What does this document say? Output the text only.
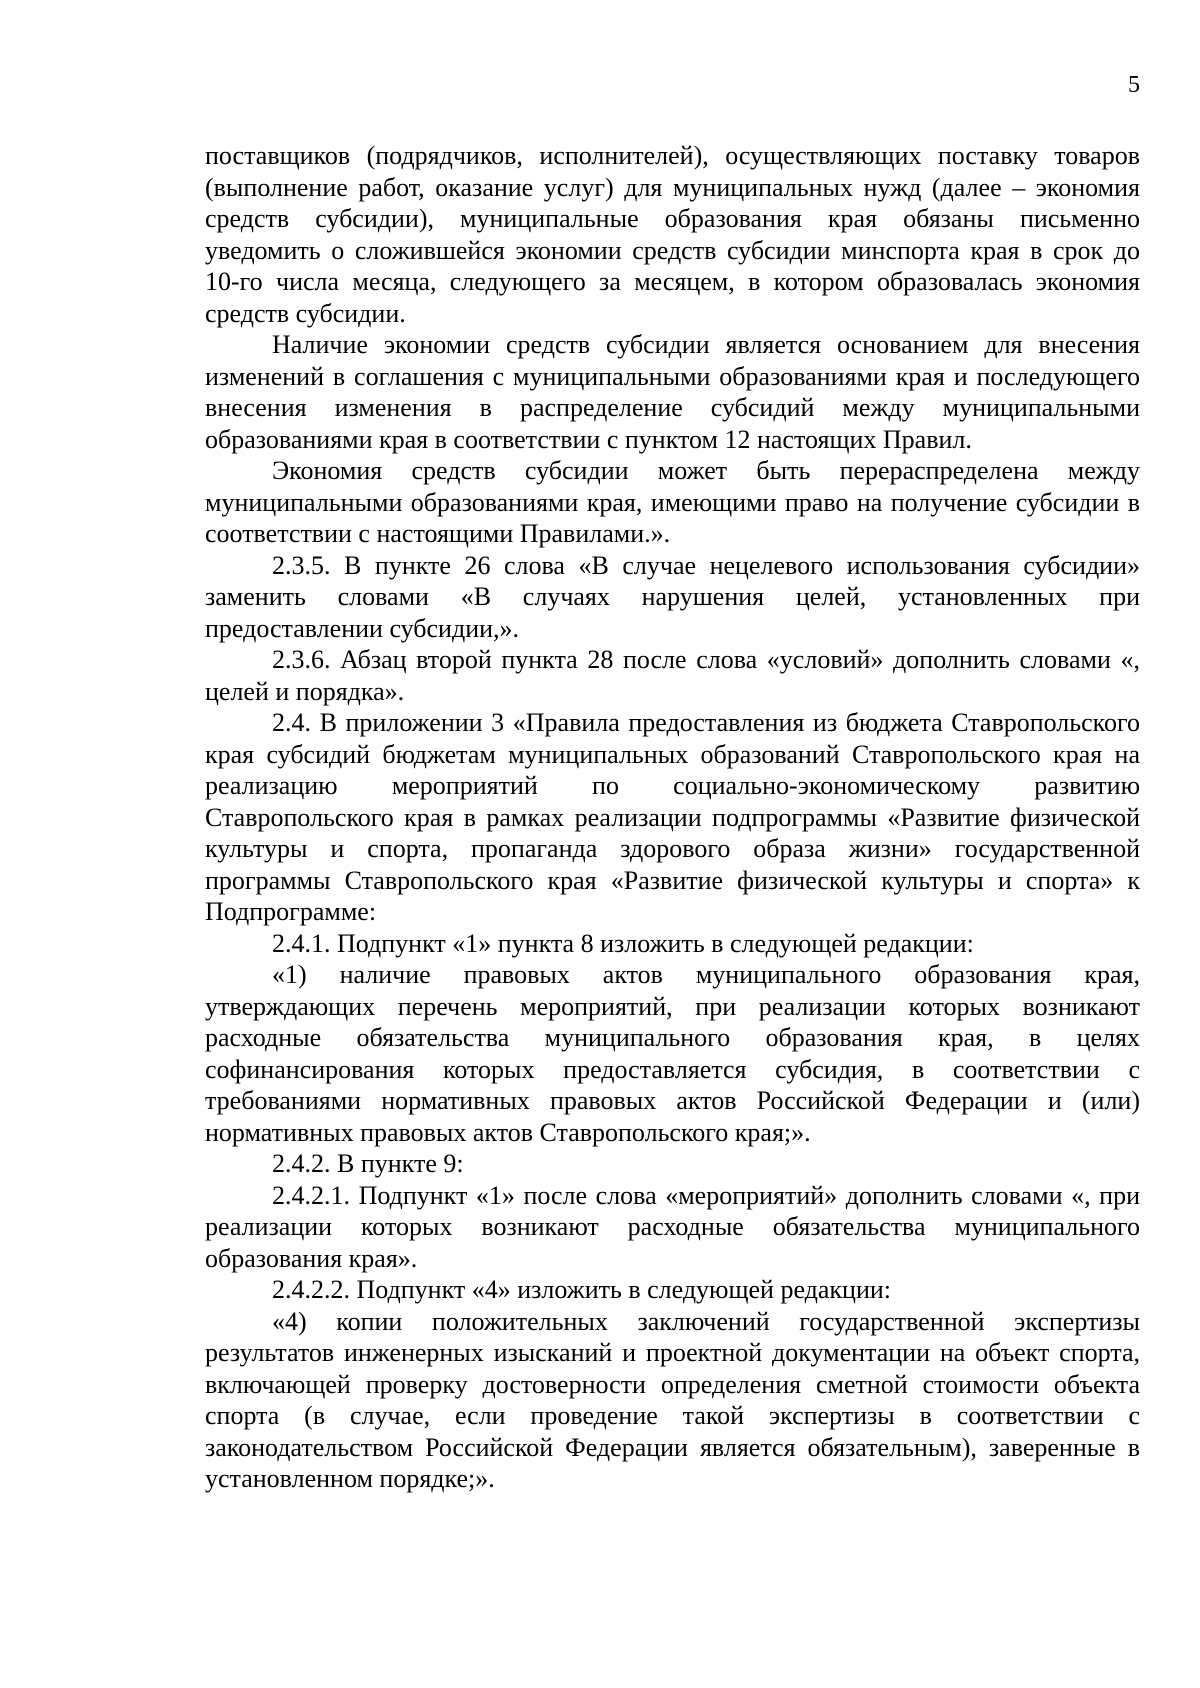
5

поставщиков (подрядчиков, исполнителей), осуществляющих поставку товаров (выполнение работ, оказание услуг) для муниципальных нужд (далее – экономия средств субсидии), муниципальные образования края обязаны письменно уведомить о сложившейся экономии средств субсидии минспорта края в срок до 10-го числа месяца, следующего за месяцем, в котором образовалась экономия средств субсидии.

Наличие экономии средств субсидии является основанием для внесения изменений в соглашения с муниципальными образованиями края и последующего внесения изменения в распределение субсидий между муниципальными образованиями края в соответствии с пунктом 12 настоящих Правил.

Экономия средств субсидии может быть перераспределена между муниципальными образованиями края, имеющими право на получение субсидии в соответствии с настоящими Правилами.».

2.3.5. В пункте 26 слова «В случае нецелевого использования субсидии» заменить словами «В случаях нарушения целей, установленных при предоставлении субсидии,».

2.3.6. Абзац второй пункта 28 после слова «условий» дополнить словами «, целей и порядка».

2.4. В приложении 3 «Правила предоставления из бюджета Ставропольского края субсидий бюджетам муниципальных образований Ставропольского края на реализацию мероприятий по социально-экономическому развитию Ставропольского края в рамках реализации подпрограммы «Развитие физической культуры и спорта, пропаганда здорового образа жизни» государственной программы Ставропольского края «Развитие физической культуры и спорта» к Подпрограмме:

2.4.1. Подпункт «1» пункта 8 изложить в следующей редакции:

«1) наличие правовых актов муниципального образования края, утверждающих перечень мероприятий, при реализации которых возникают расходные обязательства муниципального образования края, в целях софинансирования которых предоставляется субсидия, в соответствии с требованиями нормативных правовых актов Российской Федерации и (или) нормативных правовых актов Ставропольского края;».

2.4.2. В пункте 9:

2.4.2.1. Подпункт «1» после слова «мероприятий» дополнить словами «, при реализации которых возникают расходные обязательства муниципального образования края».

2.4.2.2. Подпункт «4» изложить в следующей редакции:

«4) копии положительных заключений государственной экспертизы результатов инженерных изысканий и проектной документации на объект спорта, включающей проверку достоверности определения сметной стоимости объекта спорта (в случае, если проведение такой экспертизы в соответствии с законодательством Российской Федерации является обязательным), заверенные в установленном порядке;».
